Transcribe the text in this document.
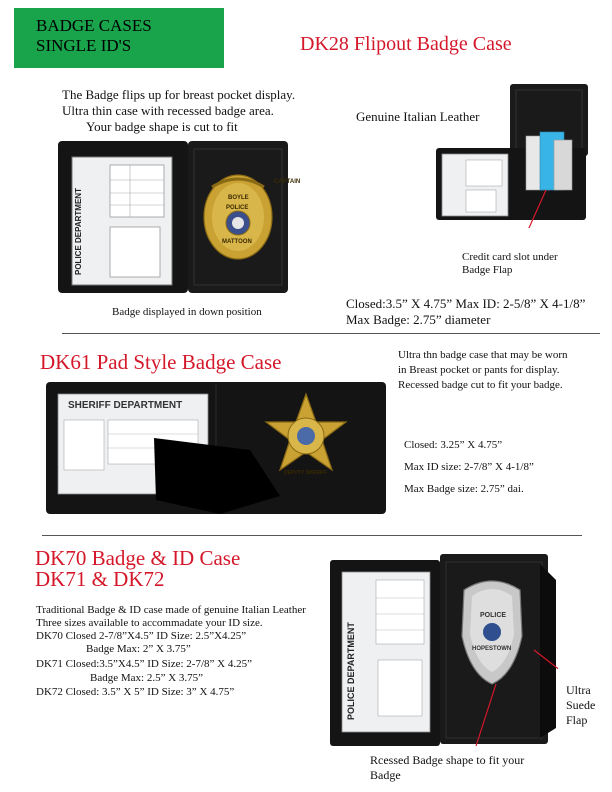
BADGE CASES
SINGLE ID'S	DK28 Flipout Badge Case
The Badge flips up for breast pocket display.
Ultra thin case with recessed badge area.
Your badge shape is cut to fit
Genuine Italian Leather
POLICE DEPARTMENT
CAPTAIN
BOYLE
POLICE
MATTOON
Badge displayed in down position
Credit card slot under
Badge Flap
Closed:3.5” X 4.75” Max ID: 2-5/8” X 4-1/8”
Max Badge: 2.75” diameter
DK61 Pad Style Badge Case	Ultra thn badge case that may be worn
in Breast pocket or pants for display.
Recessed badge cut to fit your badge.
SHERIFF DEPARTMENT
DEPUTY SHERIFF
Closed: 3.25” X 4.75”
Max ID size: 2-7/8” X 4-1/8”
Max Badge size: 2.75” dai.
DK70 Badge & ID Case
DK71 & DK72
Traditional Badge & ID case made of genuine Italian Leather
Three sizes available to accommadate your ID size.
DK70 Closed 2-7/8”X4.5” ID Size: 2.5”X4.25”
Badge Max: 2” X 3.75”
DK71 Closed:3.5”X4.5” ID Size: 2-7/8” X 4.25”
Badge Max: 2.5” X 3.75”
DK72 Closed: 3.5” X 5” ID Size: 3” X 4.75”	POLICE DEPARTMENT
POLICE
HOPESTOWN
Ultra
Suede
Flap
Rcessed Badge shape to fit your
Badge
